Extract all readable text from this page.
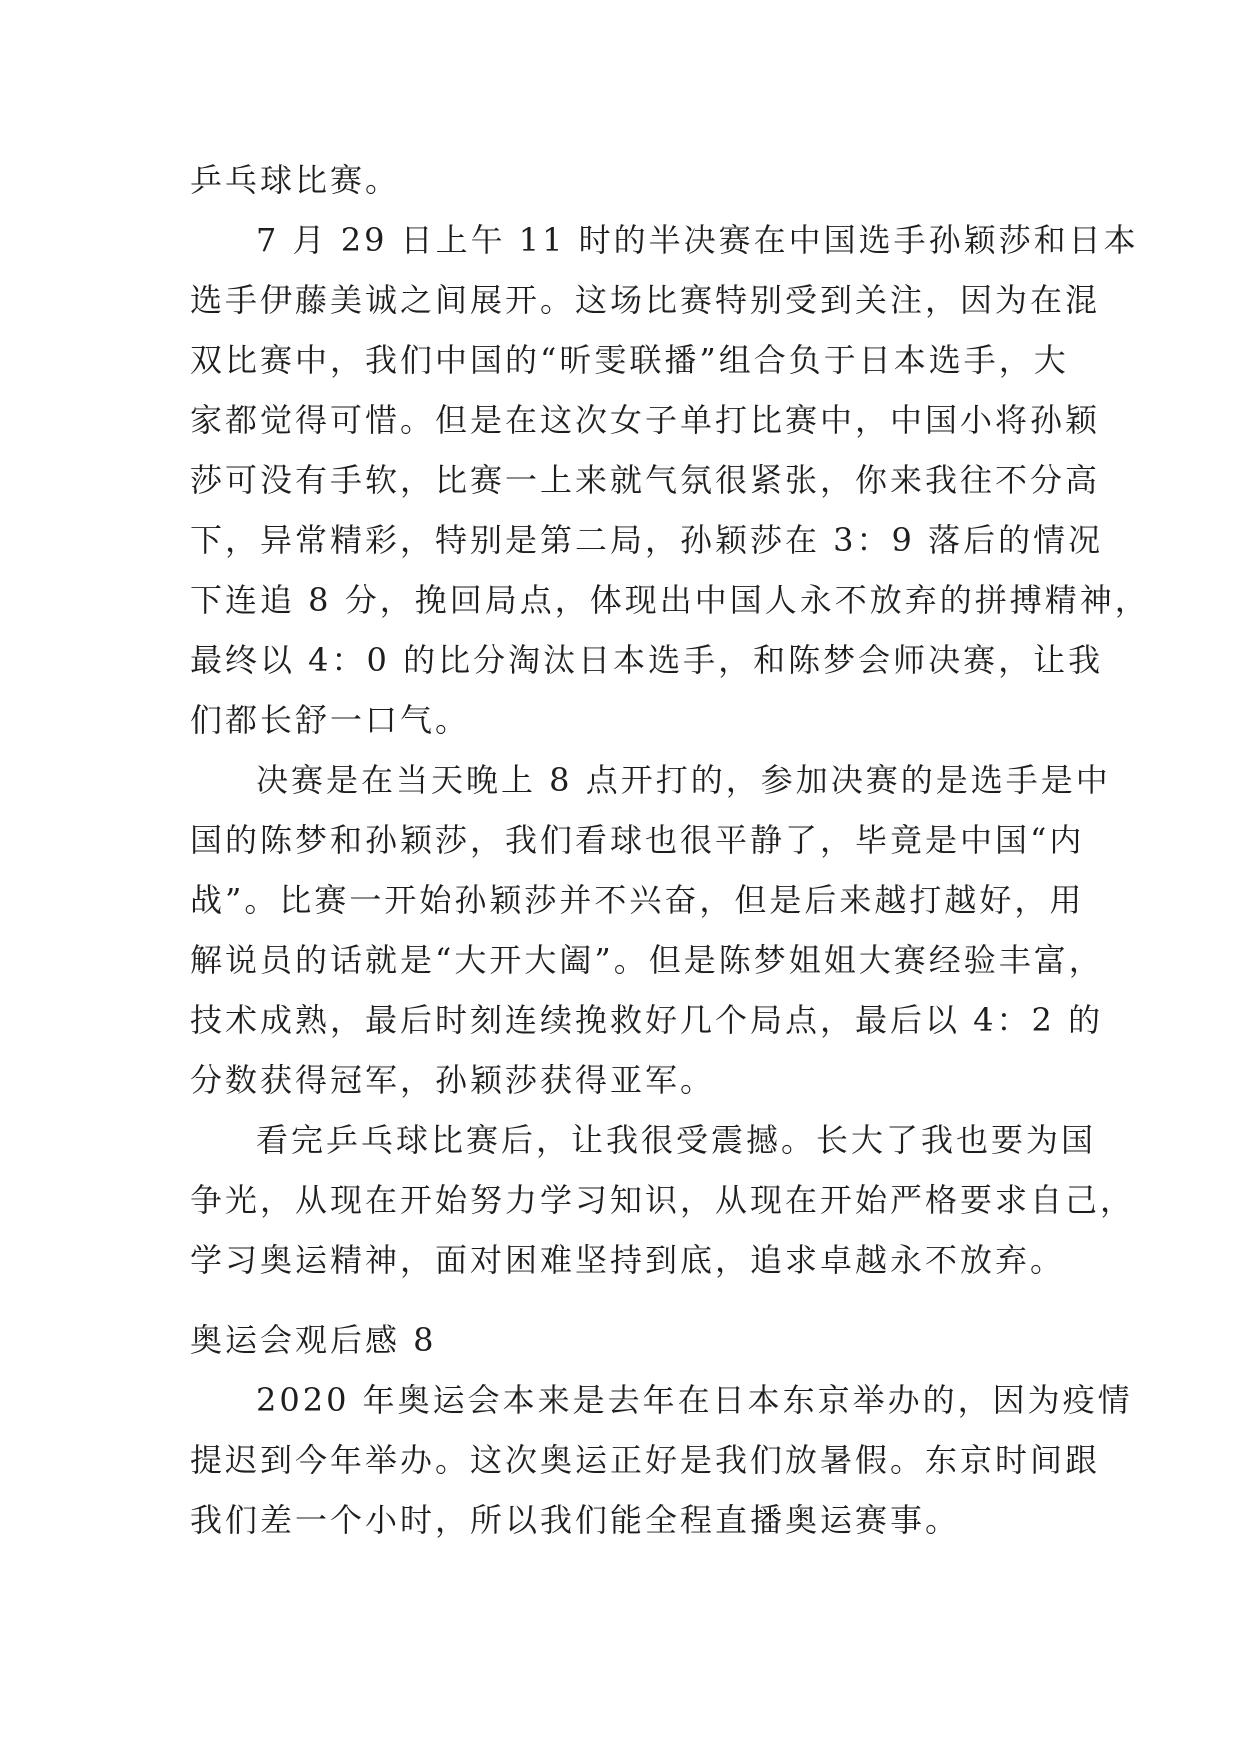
乒乓球比赛。
7 月 29 日上午 11 时的半决赛在中国选手孙颖莎和日本
选手伊藤美诚之间展开。这场比赛特别受到关注，因为在混
双比赛中，我们中国的“昕雯联播”组合负于日本选手，大
家都觉得可惜。但是在这次女子单打比赛中，中国小将孙颖
莎可没有手软，比赛一上来就气氛很紧张，你来我往不分高
下，异常精彩，特别是第二局，孙颖莎在 3：9 落后的情况
下连追 8 分，挽回局点，体现出中国人永不放弃的拼搏精神，
最终以 4：0 的比分淘汰日本选手，和陈梦会师决赛，让我
们都长舒一口气。
决赛是在当天晚上 8 点开打的，参加决赛的是选手是中
国的陈梦和孙颖莎，我们看球也很平静了，毕竟是中国“内
战”。比赛一开始孙颖莎并不兴奋，但是后来越打越好，用
解说员的话就是“大开大阖”。但是陈梦姐姐大赛经验丰富，
技术成熟，最后时刻连续挽救好几个局点，最后以 4：2 的
分数获得冠军，孙颖莎获得亚军。
看完乒乓球比赛后，让我很受震撼。长大了我也要为国
争光，从现在开始努力学习知识，从现在开始严格要求自己，
学习奥运精神，面对困难坚持到底，追求卓越永不放弃。
奥运会观后感 8
2020 年奥运会本来是去年在日本东京举办的，因为疫情
提迟到今年举办。这次奥运正好是我们放暑假。东京时间跟
我们差一个小时，所以我们能全程直播奥运赛事。
